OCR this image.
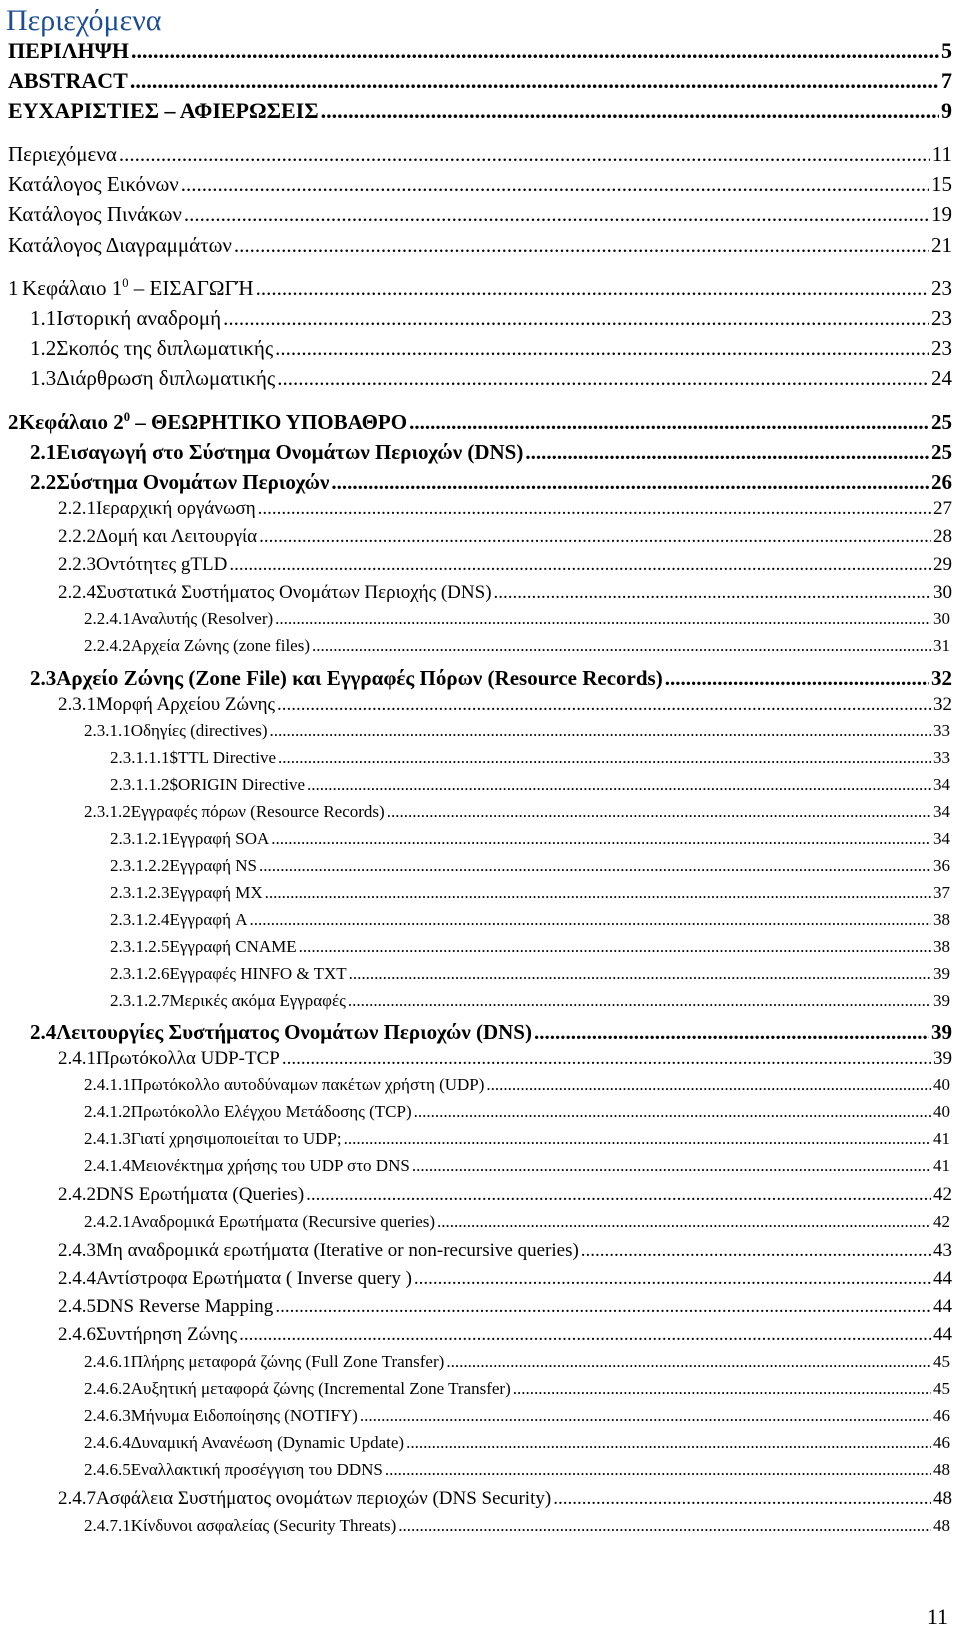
Περιεχόμενα
ΠΕΡΙΛΗΨΗ .....	5
ABSTRACT .....	7
ΕΥΧΑΡΙΣΤΙΕΣ – ΑΦΙΕΡΩΣΕΙΣ .....	9
Περιεχόμενα .....	11
Κατάλογος Εικόνων .....	15
Κατάλογος Πινάκων .....	19
Κατάλογος Διαγραμμάτων .....	21
1 Κεφάλαιο $1^0$ – ΕΙΣΑΓΩΓΉ .....	23
1.1 Ιστορική αναδρομή .....	23
1.2 Σκοπός της διπλωματικής .....	23
1.3 Διάρθρωση διπλωματικής .....	24
2 Κεφάλαιο $2^0$ – ΘΕΩΡΗΤΙΚΟ ΥΠΟΒΑΘΡΟ .....	25
2.1 Εισαγωγή στο Σύστημα Ονομάτων Περιοχών (DNS) .....	25
2.2 Σύστημα Ονομάτων Περιοχών .....	26
2.2.1 Ιεραρχική οργάνωση .....	27
2.2.2 Δομή και Λειτουργία .....	28
2.2.3 Οντότητες gTLD .....	29
2.2.4 Συστατικά Συστήματος Ονομάτων Περιοχής (DNS) .....	30
2.2.4.1 Αναλυτής (Resolver) .....	30
2.2.4.2 Αρχεία Ζώνης (zone files) .....	31
2.3 Αρχείο Ζώνης (Zone File) και Εγγραφές Πόρων (Resource Records) .....	32
2.3.1 Μορφή Αρχείου Ζώνης .....	32
2.3.1.1 Οδηγίες (directives) .....	33
2.3.1.1.1 $TTL Directive .....	33
2.3.1.1.2 $ORIGIN Directive .....	34
2.3.1.2 Εγγραφές πόρων (Resource Records) .....	34
2.3.1.2.1 Εγγραφή SOA .....	34
2.3.1.2.2 Εγγραφή NS .....	36
2.3.1.2.3 Εγγραφή MX .....	37
2.3.1.2.4 Εγγραφή A .....	38
2.3.1.2.5 Εγγραφή CNAME .....	38
2.3.1.2.6 Εγγραφές HINFO & TXT .....	39
2.3.1.2.7 Μερικές ακόμα Εγγραφές .....	39
2.4 Λειτουργίες Συστήματος Ονομάτων Περιοχών (DNS) .....	39
2.4.1 Πρωτόκολλα UDP-TCP .....	39
2.4.1.1 Πρωτόκολλο αυτοδύναμων πακέτων χρήστη (UDP) .....	40
2.4.1.2 Πρωτόκολλο Ελέγχου Μετάδοσης (TCP) .....	40
2.4.1.3 Γιατί χρησιμοποιείται το UDP; .....	41
2.4.1.4 Μειονέκτημα χρήσης του UDP στο DNS .....	41
2.4.2 DNS Ερωτήματα (Queries) .....	42
2.4.2.1 Αναδρομικά Ερωτήματα (Recursive queries) .....	42
2.4.3 Μη αναδρομικά ερωτήματα (Iterative or non-recursive queries) .....	43
2.4.4 Αντίστροφα Ερωτήματα ( Inverse query ) .....	44
2.4.5 DNS Reverse Mapping .....	44
2.4.6 Συντήρηση Ζώνης .....	44
2.4.6.1 Πλήρης μεταφορά ζώνης (Full Zone Transfer) .....	45
2.4.6.2 Αυξητική μεταφορά ζώνης (Incremental Zone Transfer) .....	45
2.4.6.3 Μήνυμα Ειδοποίησης (NOTIFY) .....	46
2.4.6.4 Δυναμική Ανανέωση (Dynamic Update) .....	46
2.4.6.5 Εναλλακτική προσέγγιση του DDNS .....	48
2.4.7 Ασφάλεια Συστήματος ονομάτων περιοχών (DNS Security) .....	48
2.4.7.1 Κίνδυνοι ασφαλείας (Security Threats) .....	48
11
